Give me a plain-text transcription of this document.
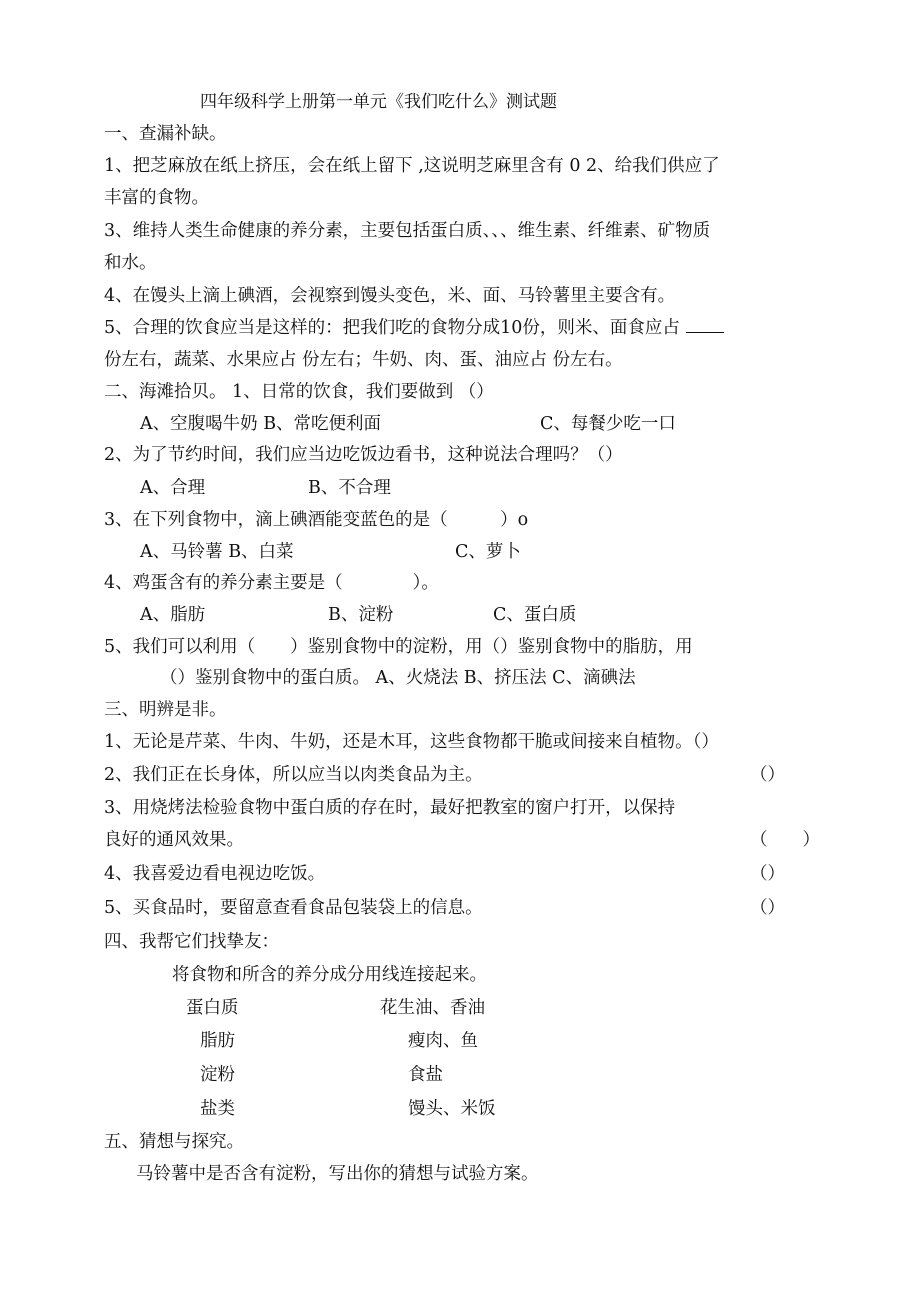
四年级科学上册第一单元《我们吃什么》测试题
一、查漏补缺。
1、把芝麻放在纸上挤压，会在纸上留下 ,这说明芝麻里含有 0 2、给我们供应了
丰富的食物。
3、维持人类生命健康的养分素，主要包括蛋白质、、、维生素、纤维素、矿物质
和水。
4、在馒头上滴上碘酒，会视察到馒头变色，米、面、马铃薯里主要含有。
5、合理的饮食应当是这样的：把我们吃的食物分成10份，则米、面食应占
份左右，蔬菜、水果应占 份左右；牛奶、肉、蛋、油应占 份左右。
二、海滩拾贝。 1、日常的饮食，我们要做到 （）
A、空腹喝牛奶 B、常吃便利面	C、每餐少吃一口
2、为了节约时间，我们应当边吃饭边看书，这种说法合理吗？（）
A、合理	B、不合理
3、在下列食物中，滴上碘酒能变蓝色的是（　　　）o
A、马铃薯 B、白菜	C、萝卜
4、鸡蛋含有的养分素主要是（　　　　）。
A、脂肪	B、淀粉	C、蛋白质
5、我们可以利用（　　）鉴别食物中的淀粉，用（）鉴别食物中的脂肪，用
（）鉴别食物中的蛋白质。 A、火烧法 B、挤压法 C、滴碘法
三、明辨是非。
1、无论是芹菜、牛肉、牛奶，还是木耳，这些食物都干脆或间接来自植物。（）
2、我们正在长身体，所以应当以肉类食品为主。	（）
3、用烧烤法检验食物中蛋白质的存在时，最好把教室的窗户打开，以保持
良好的通风效果。	（　　）
4、我喜爱边看电视边吃饭。	（）
5、买食品时，要留意查看食品包装袋上的信息。	（）
四、我帮它们找挚友：
将食物和所含的养分成分用线连接起来。
蛋白质	花生油、香油
脂肪	瘦肉、鱼
淀粉	食盐
盐类	馒头、米饭
五、猜想与探究。
马铃薯中是否含有淀粉，写出你的猜想与试验方案。
